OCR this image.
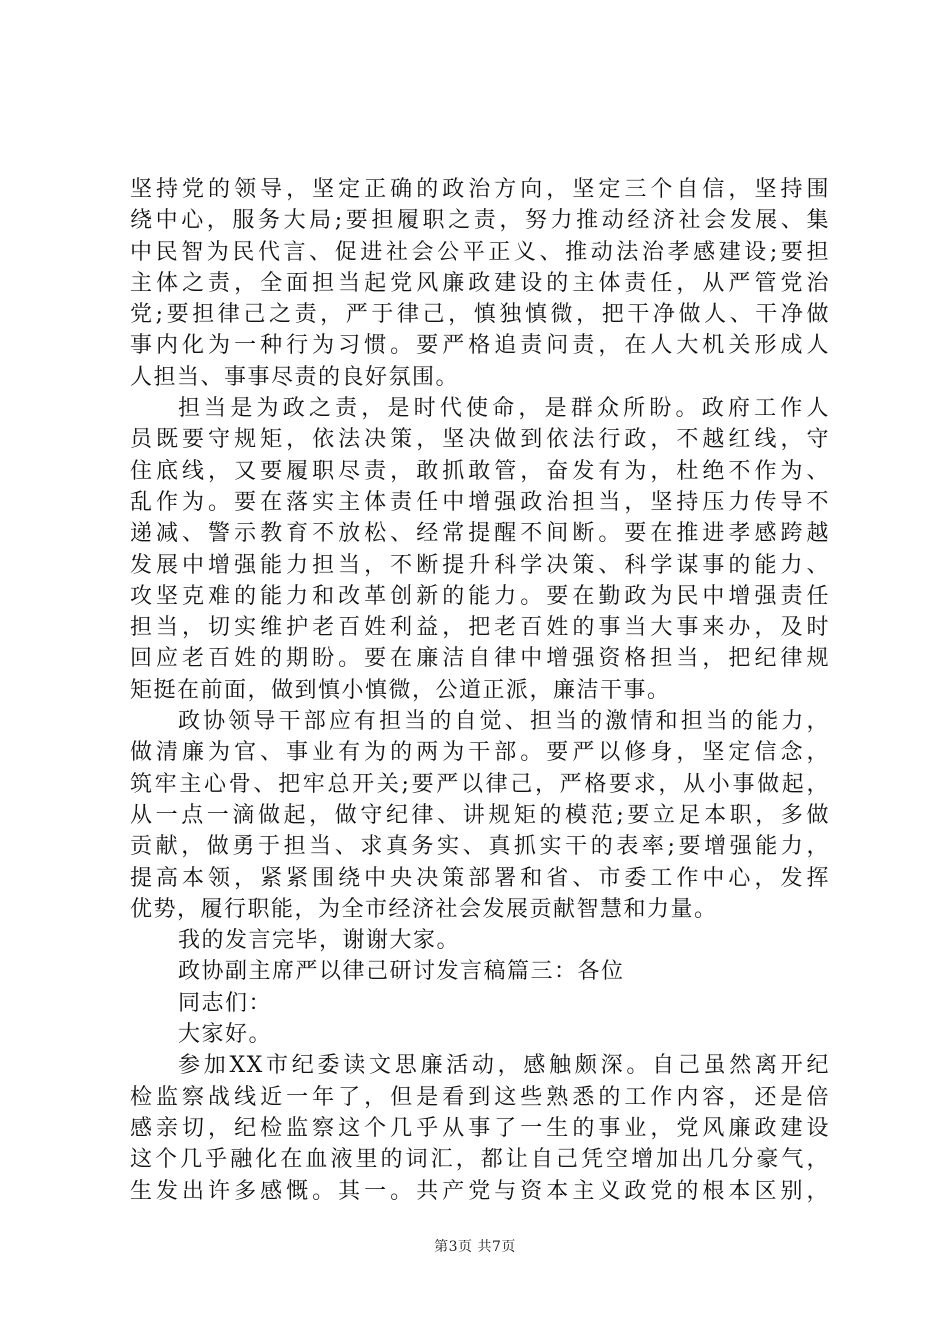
坚持党的领导，坚定正确的政治方向，坚定三个自信，坚持围
绕中心，服务大局;要担履职之责，努力推动经济社会发展、集
中民智为民代言、促进社会公平正义、推动法治孝感建设;要担
主体之责，全面担当起党风廉政建设的主体责任，从严管党治
党;要担律己之责，严于律己，慎独慎微，把干净做人、干净做
事内化为一种行为习惯。要严格追责问责，在人大机关形成人
人担当、事事尽责的良好氛围。
担当是为政之责，是时代使命，是群众所盼。政府工作人
员既要守规矩，依法决策，坚决做到依法行政，不越红线，守
住底线，又要履职尽责，敢抓敢管，奋发有为，杜绝不作为、
乱作为。要在落实主体责任中增强政治担当，坚持压力传导不
递减、警示教育不放松、经常提醒不间断。要在推进孝感跨越
发展中增强能力担当，不断提升科学决策、科学谋事的能力、
攻坚克难的能力和改革创新的能力。要在勤政为民中增强责任
担当，切实维护老百姓利益，把老百姓的事当大事来办，及时
回应老百姓的期盼。要在廉洁自律中增强资格担当，把纪律规
矩挺在前面，做到慎小慎微，公道正派，廉洁干事。
政协领导干部应有担当的自觉、担当的激情和担当的能力，
做清廉为官、事业有为的两为干部。要严以修身，坚定信念，
筑牢主心骨、把牢总开关;要严以律己，严格要求，从小事做起，
从一点一滴做起，做守纪律、讲规矩的模范;要立足本职，多做
贡献，做勇于担当、求真务实、真抓实干的表率;要增强能力，
提高本领，紧紧围绕中央决策部署和省、市委工作中心，发挥
优势，履行职能，为全市经济社会发展贡献智慧和力量。
我的发言完毕，谢谢大家。
政协副主席严以律己研讨发言稿篇三：各位
同志们：
大家好。
参加XX市纪委读文思廉活动，感触颇深。自己虽然离开纪
检监察战线近一年了，但是看到这些熟悉的工作内容，还是倍
感亲切，纪检监察这个几乎从事了一生的事业，党风廉政建设
这个几乎融化在血液里的词汇，都让自己凭空增加出几分豪气，
生发出许多感慨。其一。共产党与资本主义政党的根本区别，
第3页 共7页
